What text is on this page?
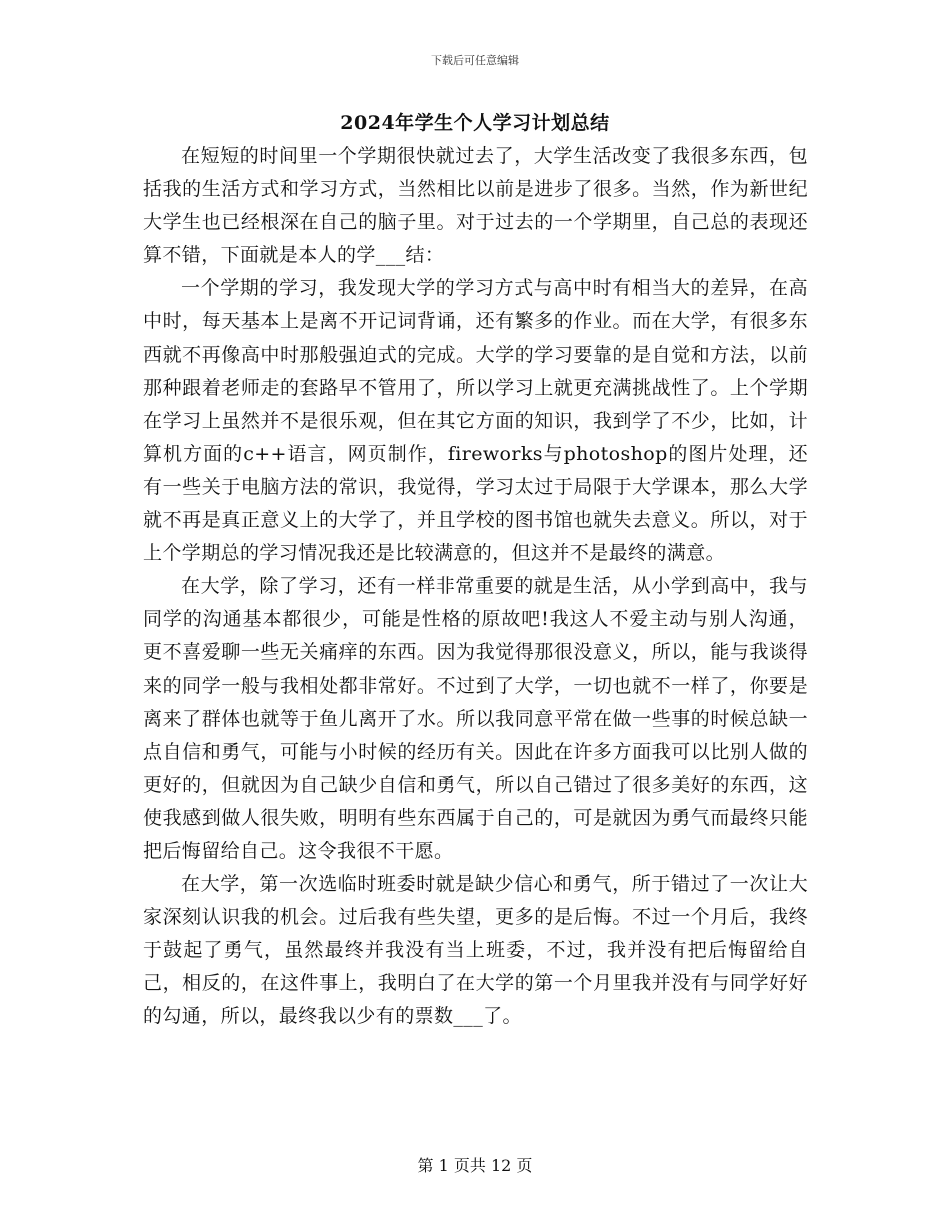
下载后可任意编辑
2024年学生个人学习计划总结

在短短的时间里一个学期很快就过去了，大学生活改变了我很多东西，包括我的生活方式和学习方式，当然相比以前是进步了很多。当然，作为新世纪大学生也已经根深在自己的脑子里。对于过去的一个学期里，自己总的表现还算不错，下面就是本人的学___结：

一个学期的学习，我发现大学的学习方式与高中时有相当大的差异，在高中时，每天基本上是离不开记词背诵，还有繁多的作业。而在大学，有很多东西就不再像高中时那般强迫式的完成。大学的学习要靠的是自觉和方法，以前那种跟着老师走的套路早不管用了，所以学习上就更充满挑战性了。上个学期在学习上虽然并不是很乐观，但在其它方面的知识，我到学了不少，比如，计算机方面的c++语言，网页制作，fireworks与photoshop的图片处理，还有一些关于电脑方法的常识，我觉得，学习太过于局限于大学课本，那么大学就不再是真正意义上的大学了，并且学校的图书馆也就失去意义。所以，对于上个学期总的学习情况我还是比较满意的，但这并不是最终的满意。

在大学，除了学习，还有一样非常重要的就是生活，从小学到高中，我与同学的沟通基本都很少，可能是性格的原故吧!我这人不爱主动与别人沟通，更不喜爱聊一些无关痛痒的东西。因为我觉得那很没意义，所以，能与我谈得来的同学一般与我相处都非常好。不过到了大学，一切也就不一样了，你要是离来了群体也就等于鱼儿离开了水。所以我同意平常在做一些事的时候总缺一点自信和勇气，可能与小时候的经历有关。因此在许多方面我可以比别人做的更好的，但就因为自己缺少自信和勇气，所以自己错过了很多美好的东西，这使我感到做人很失败，明明有些东西属于自己的，可是就因为勇气而最终只能把后悔留给自己。这令我很不干愿。

在大学，第一次选临时班委时就是缺少信心和勇气，所于错过了一次让大家深刻认识我的机会。过后我有些失望，更多的是后悔。不过一个月后，我终于鼓起了勇气，虽然最终并我没有当上班委，不过，我并没有把后悔留给自己，相反的，在这件事上，我明白了在大学的第一个月里我并没有与同学好好的勾通，所以，最终我以少有的票数___了。

第 1 页共 12 页
